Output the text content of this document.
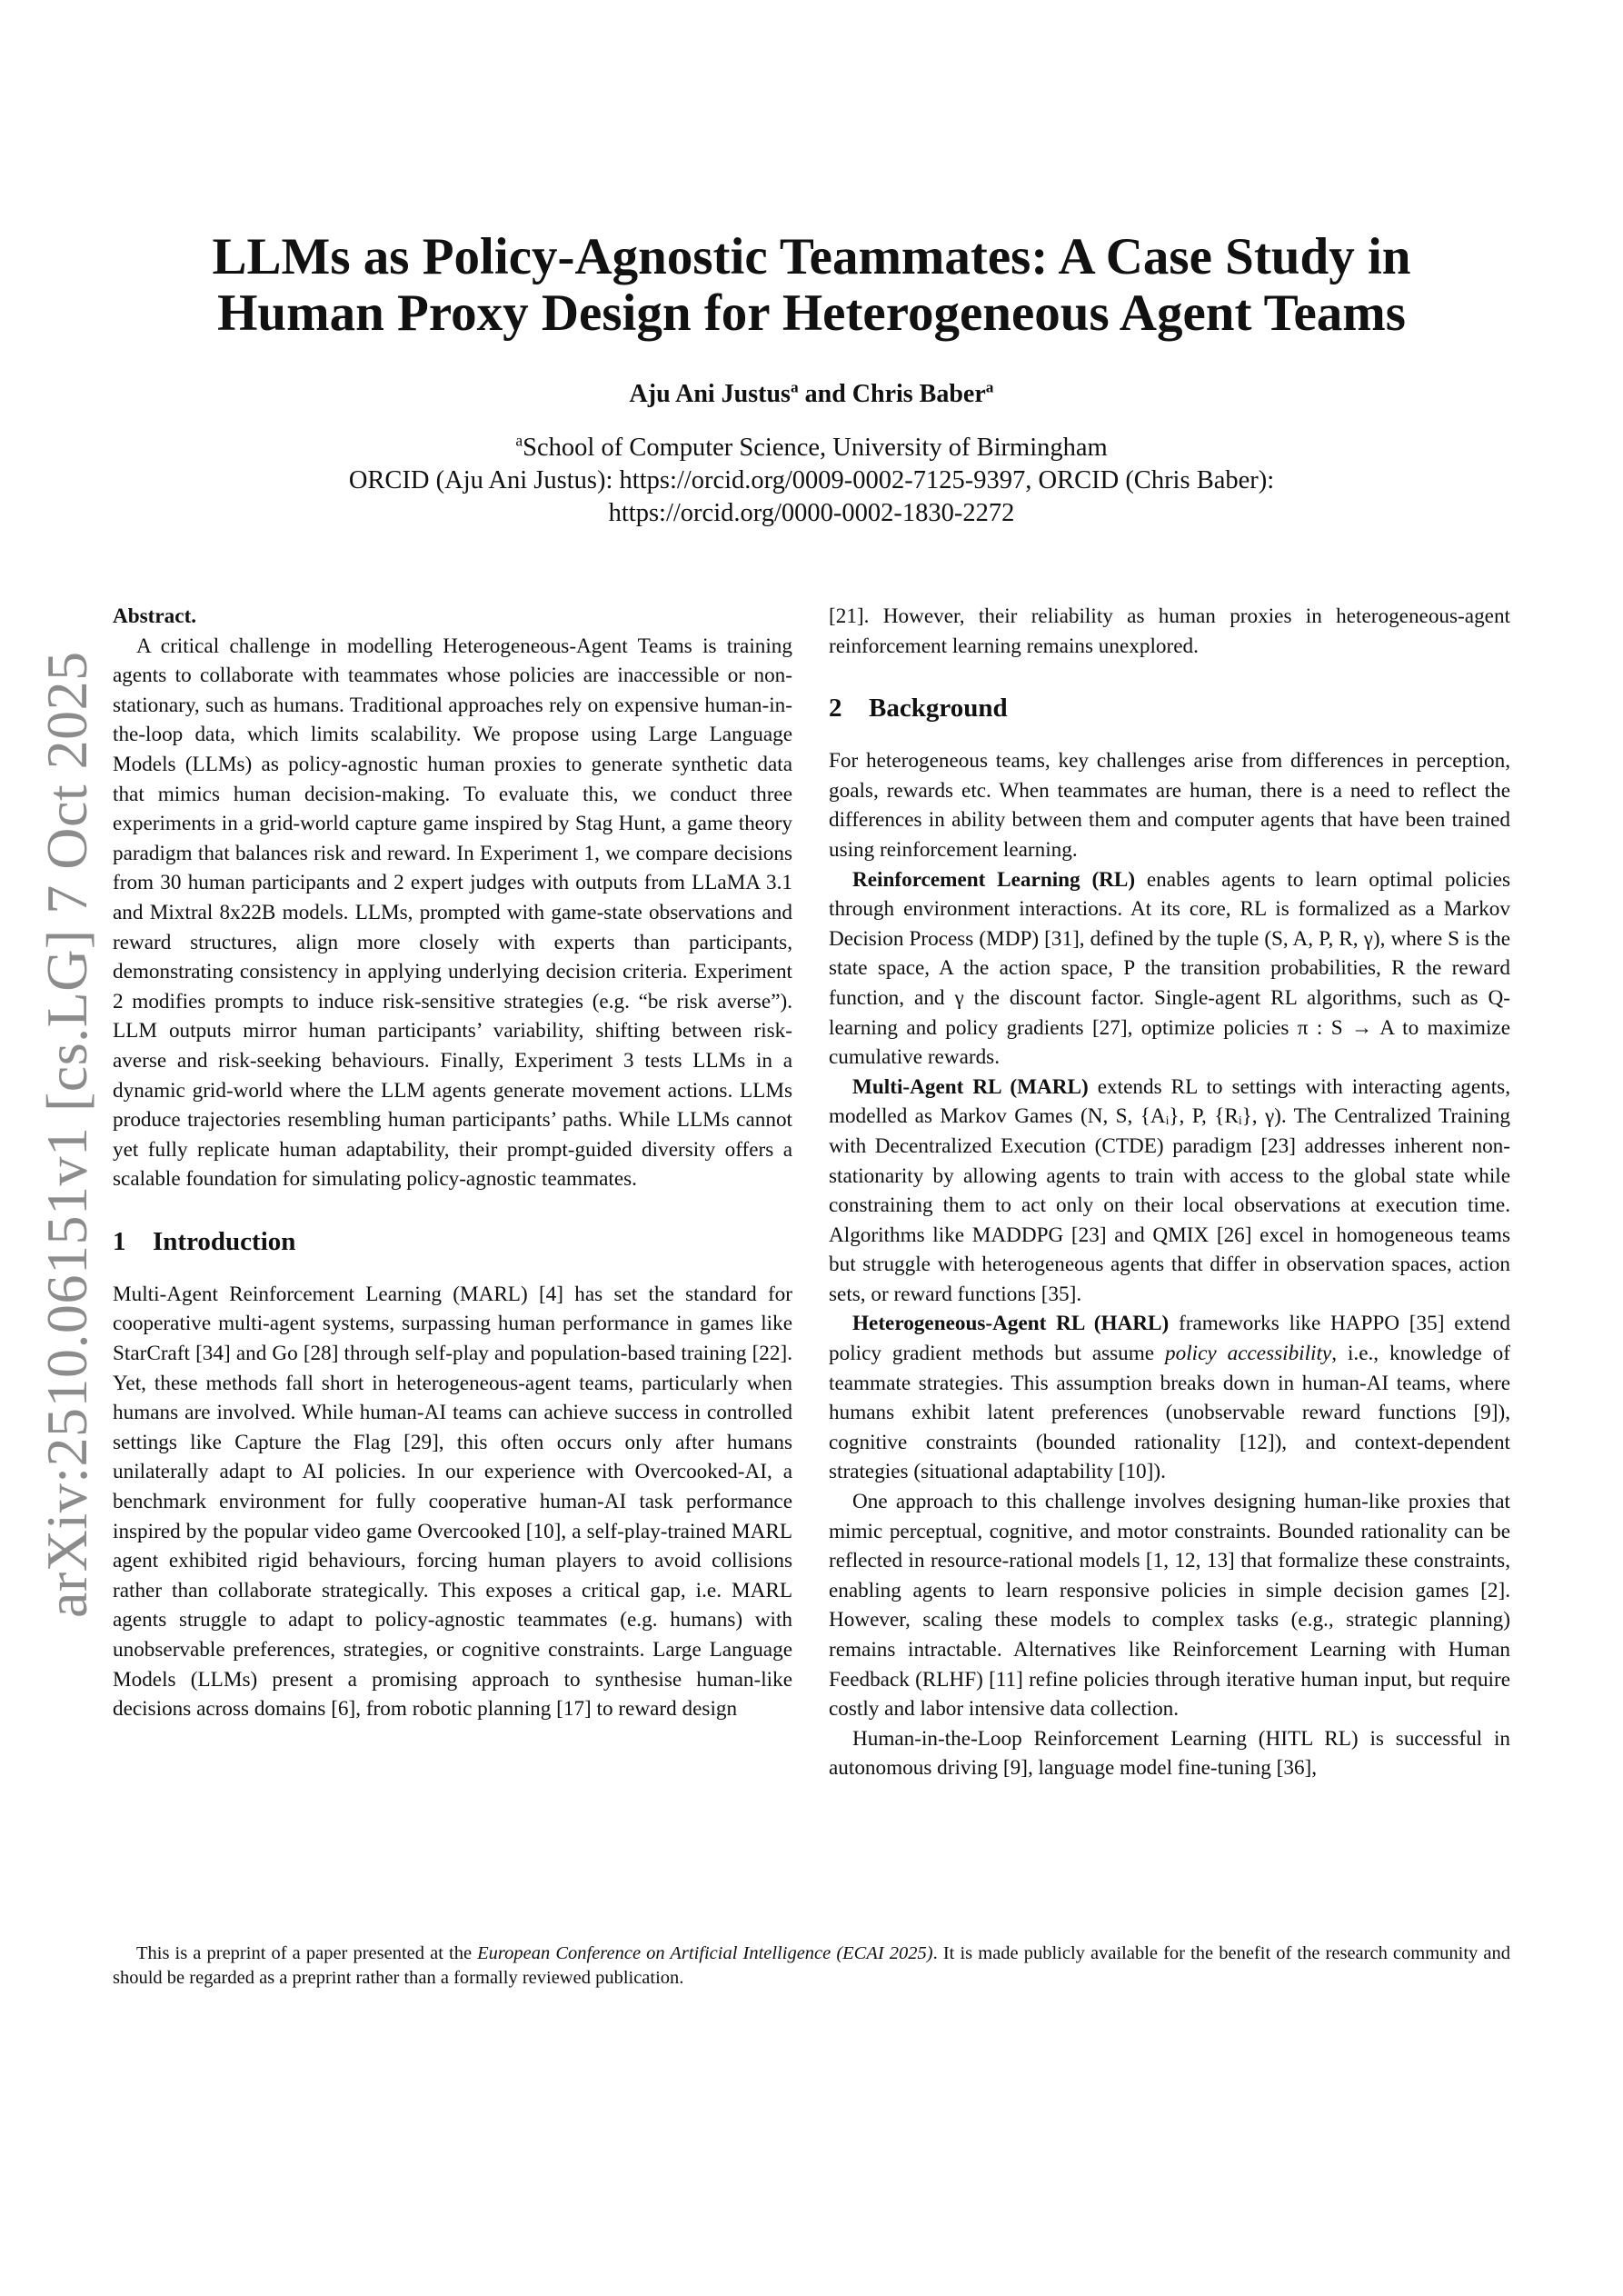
arXiv:2510.06151v1 [cs.LG] 7 Oct 2025
LLMs as Policy-Agnostic Teammates: A Case Study in
Human Proxy Design for Heterogeneous Agent Teams
Aju Ani Justus$^a$ and Chris Baber$^a$
$^a$School of Computer Science, University of Birmingham
ORCID (Aju Ani Justus): https://orcid.org/0009-0002-7125-9397, ORCID (Chris Baber):
https://orcid.org/0000-0002-1830-2272

Abstract.

A critical challenge in modelling Heterogeneous-Agent Teams is training agents to collaborate with teammates whose policies are inaccessible or non-stationary, such as humans. Traditional approaches rely on expensive human-in-the-loop data, which limits scalability. We propose using Large Language Models (LLMs) as policy-agnostic human proxies to generate synthetic data that mimics human decision-making. To evaluate this, we conduct three experiments in a grid-world capture game inspired by Stag Hunt, a game theory paradigm that balances risk and reward. In Experiment 1, we compare decisions from 30 human participants and 2 expert judges with outputs from LLaMA 3.1 and Mixtral 8x22B models. LLMs, prompted with game-state observations and reward structures, align more closely with experts than participants, demonstrating consistency in applying underlying decision criteria. Experiment 2 modifies prompts to induce risk-sensitive strategies (e.g. “be risk averse”). LLM outputs mirror human participants’ variability, shifting between risk-averse and risk-seeking behaviours. Finally, Experiment 3 tests LLMs in a dynamic grid-world where the LLM agents generate movement actions. LLMs produce trajectories resembling human participants’ paths. While LLMs cannot yet fully replicate human adaptability, their prompt-guided diversity offers a scalable foundation for simulating policy-agnostic teammates.

1 Introduction

Multi-Agent Reinforcement Learning (MARL) [4] has set the standard for cooperative multi-agent systems, surpassing human performance in games like StarCraft [34] and Go [28] through self-play and population-based training [22]. Yet, these methods fall short in heterogeneous-agent teams, particularly when humans are involved. While human-AI teams can achieve success in controlled settings like Capture the Flag [29], this often occurs only after humans unilaterally adapt to AI policies. In our experience with Overcooked-AI, a benchmark environment for fully cooperative human-AI task performance inspired by the popular video game Overcooked [10], a self-play-trained MARL agent exhibited rigid behaviours, forcing human players to avoid collisions rather than collaborate strategically. This exposes a critical gap, i.e. MARL agents struggle to adapt to policy-agnostic teammates (e.g. humans) with unobservable preferences, strategies, or cognitive constraints. Large Language Models (LLMs) present a promising approach to synthesise human-like decisions across domains [6], from robotic planning [17] to reward design

[21]. However, their reliability as human proxies in heterogeneous-agent reinforcement learning remains unexplored.

2 Background

For heterogeneous teams, key challenges arise from differences in perception, goals, rewards etc. When teammates are human, there is a need to reflect the differences in ability between them and computer agents that have been trained using reinforcement learning.

Reinforcement Learning (RL) enables agents to learn optimal policies through environment interactions. At its core, RL is formalized as a Markov Decision Process (MDP) [31], defined by the tuple (S, A, P, R, γ), where S is the state space, A the action space, P the transition probabilities, R the reward function, and γ the discount factor. Single-agent RL algorithms, such as Q-learning and policy gradients [27], optimize policies π : S → A to maximize cumulative rewards.

Multi-Agent RL (MARL) extends RL to settings with interacting agents, modelled as Markov Games (N, S, {Aᵢ}, P, {Rᵢ}, γ). The Centralized Training with Decentralized Execution (CTDE) paradigm [23] addresses inherent non-stationarity by allowing agents to train with access to the global state while constraining them to act only on their local observations at execution time. Algorithms like MADDPG [23] and QMIX [26] excel in homogeneous teams but struggle with heterogeneous agents that differ in observation spaces, action sets, or reward functions [35].

Heterogeneous-Agent RL (HARL) frameworks like HAPPO [35] extend policy gradient methods but assume policy accessibility, i.e., knowledge of teammate strategies. This assumption breaks down in human-AI teams, where humans exhibit latent preferences (unobservable reward functions [9]), cognitive constraints (bounded rationality [12]), and context-dependent strategies (situational adaptability [10]).

One approach to this challenge involves designing human-like proxies that mimic perceptual, cognitive, and motor constraints. Bounded rationality can be reflected in resource-rational models [1, 12, 13] that formalize these constraints, enabling agents to learn responsive policies in simple decision games [2]. However, scaling these models to complex tasks (e.g., strategic planning) remains intractable. Alternatives like Reinforcement Learning with Human Feedback (RLHF) [11] refine policies through iterative human input, but require costly and labor intensive data collection.

Human-in-the-Loop Reinforcement Learning (HITL RL) is successful in autonomous driving [9], language model fine-tuning [36],

This is a preprint of a paper presented at the European Conference on Artificial Intelligence (ECAI 2025). It is made publicly available for the benefit of the research community and should be regarded as a preprint rather than a formally reviewed publication.
